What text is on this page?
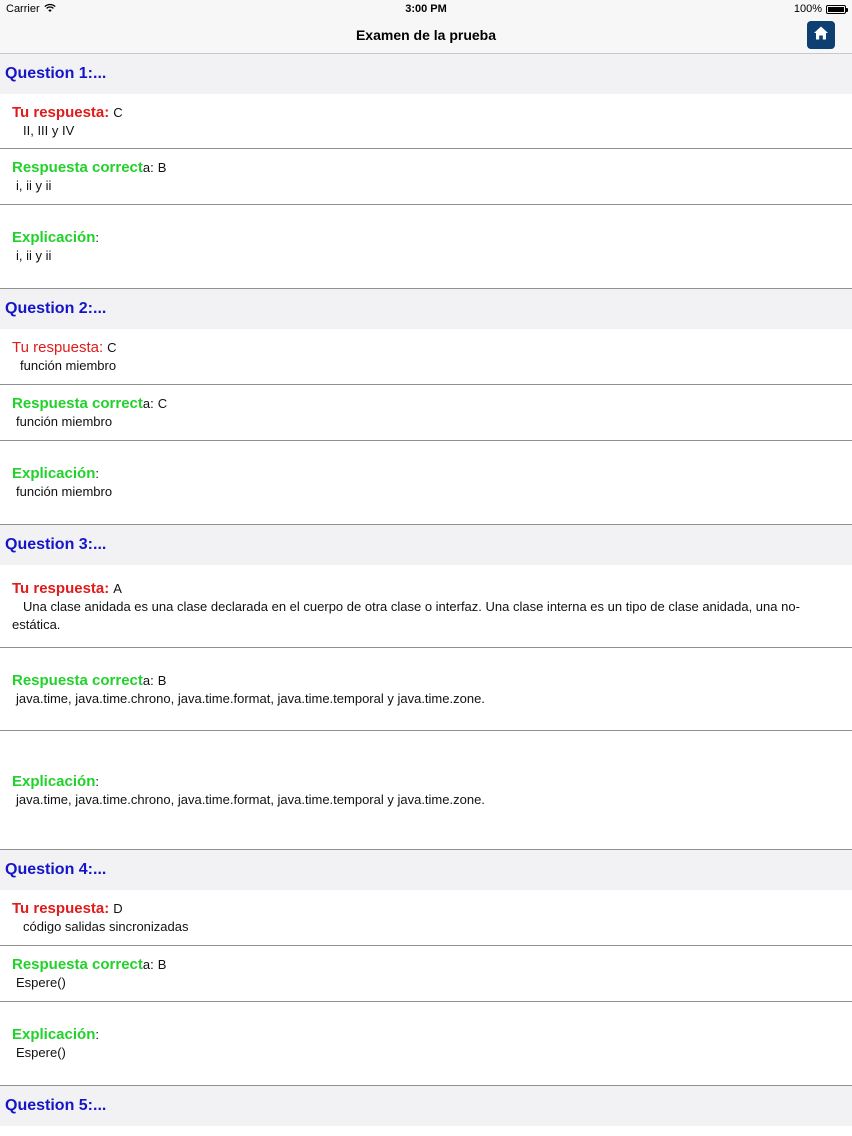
Carrier	3:00 PM	100%
Examen de la prueba
Question 1:...
Tu respuesta: C
II, III y IV
Respuesta correcta: B
i, ii y ii
Explicación:
i, ii y ii
Question 2:...
Tu respuesta: C
función miembro
Respuesta correcta: C
función miembro
Explicación:
función miembro
Question 3:...
Tu respuesta: A
Una clase anidada es una clase declarada en el cuerpo de otra clase o interfaz. Una clase interna es un tipo de clase anidada, una no-estática.
Respuesta correcta: B
java.time, java.time.chrono, java.time.format, java.time.temporal y java.time.zone.
Explicación:
java.time, java.time.chrono, java.time.format, java.time.temporal y java.time.zone.
Question 4:...
Tu respuesta: D
código salidas sincronizadas
Respuesta correcta: B
Espere()
Explicación:
Espere()
Question 5:...
